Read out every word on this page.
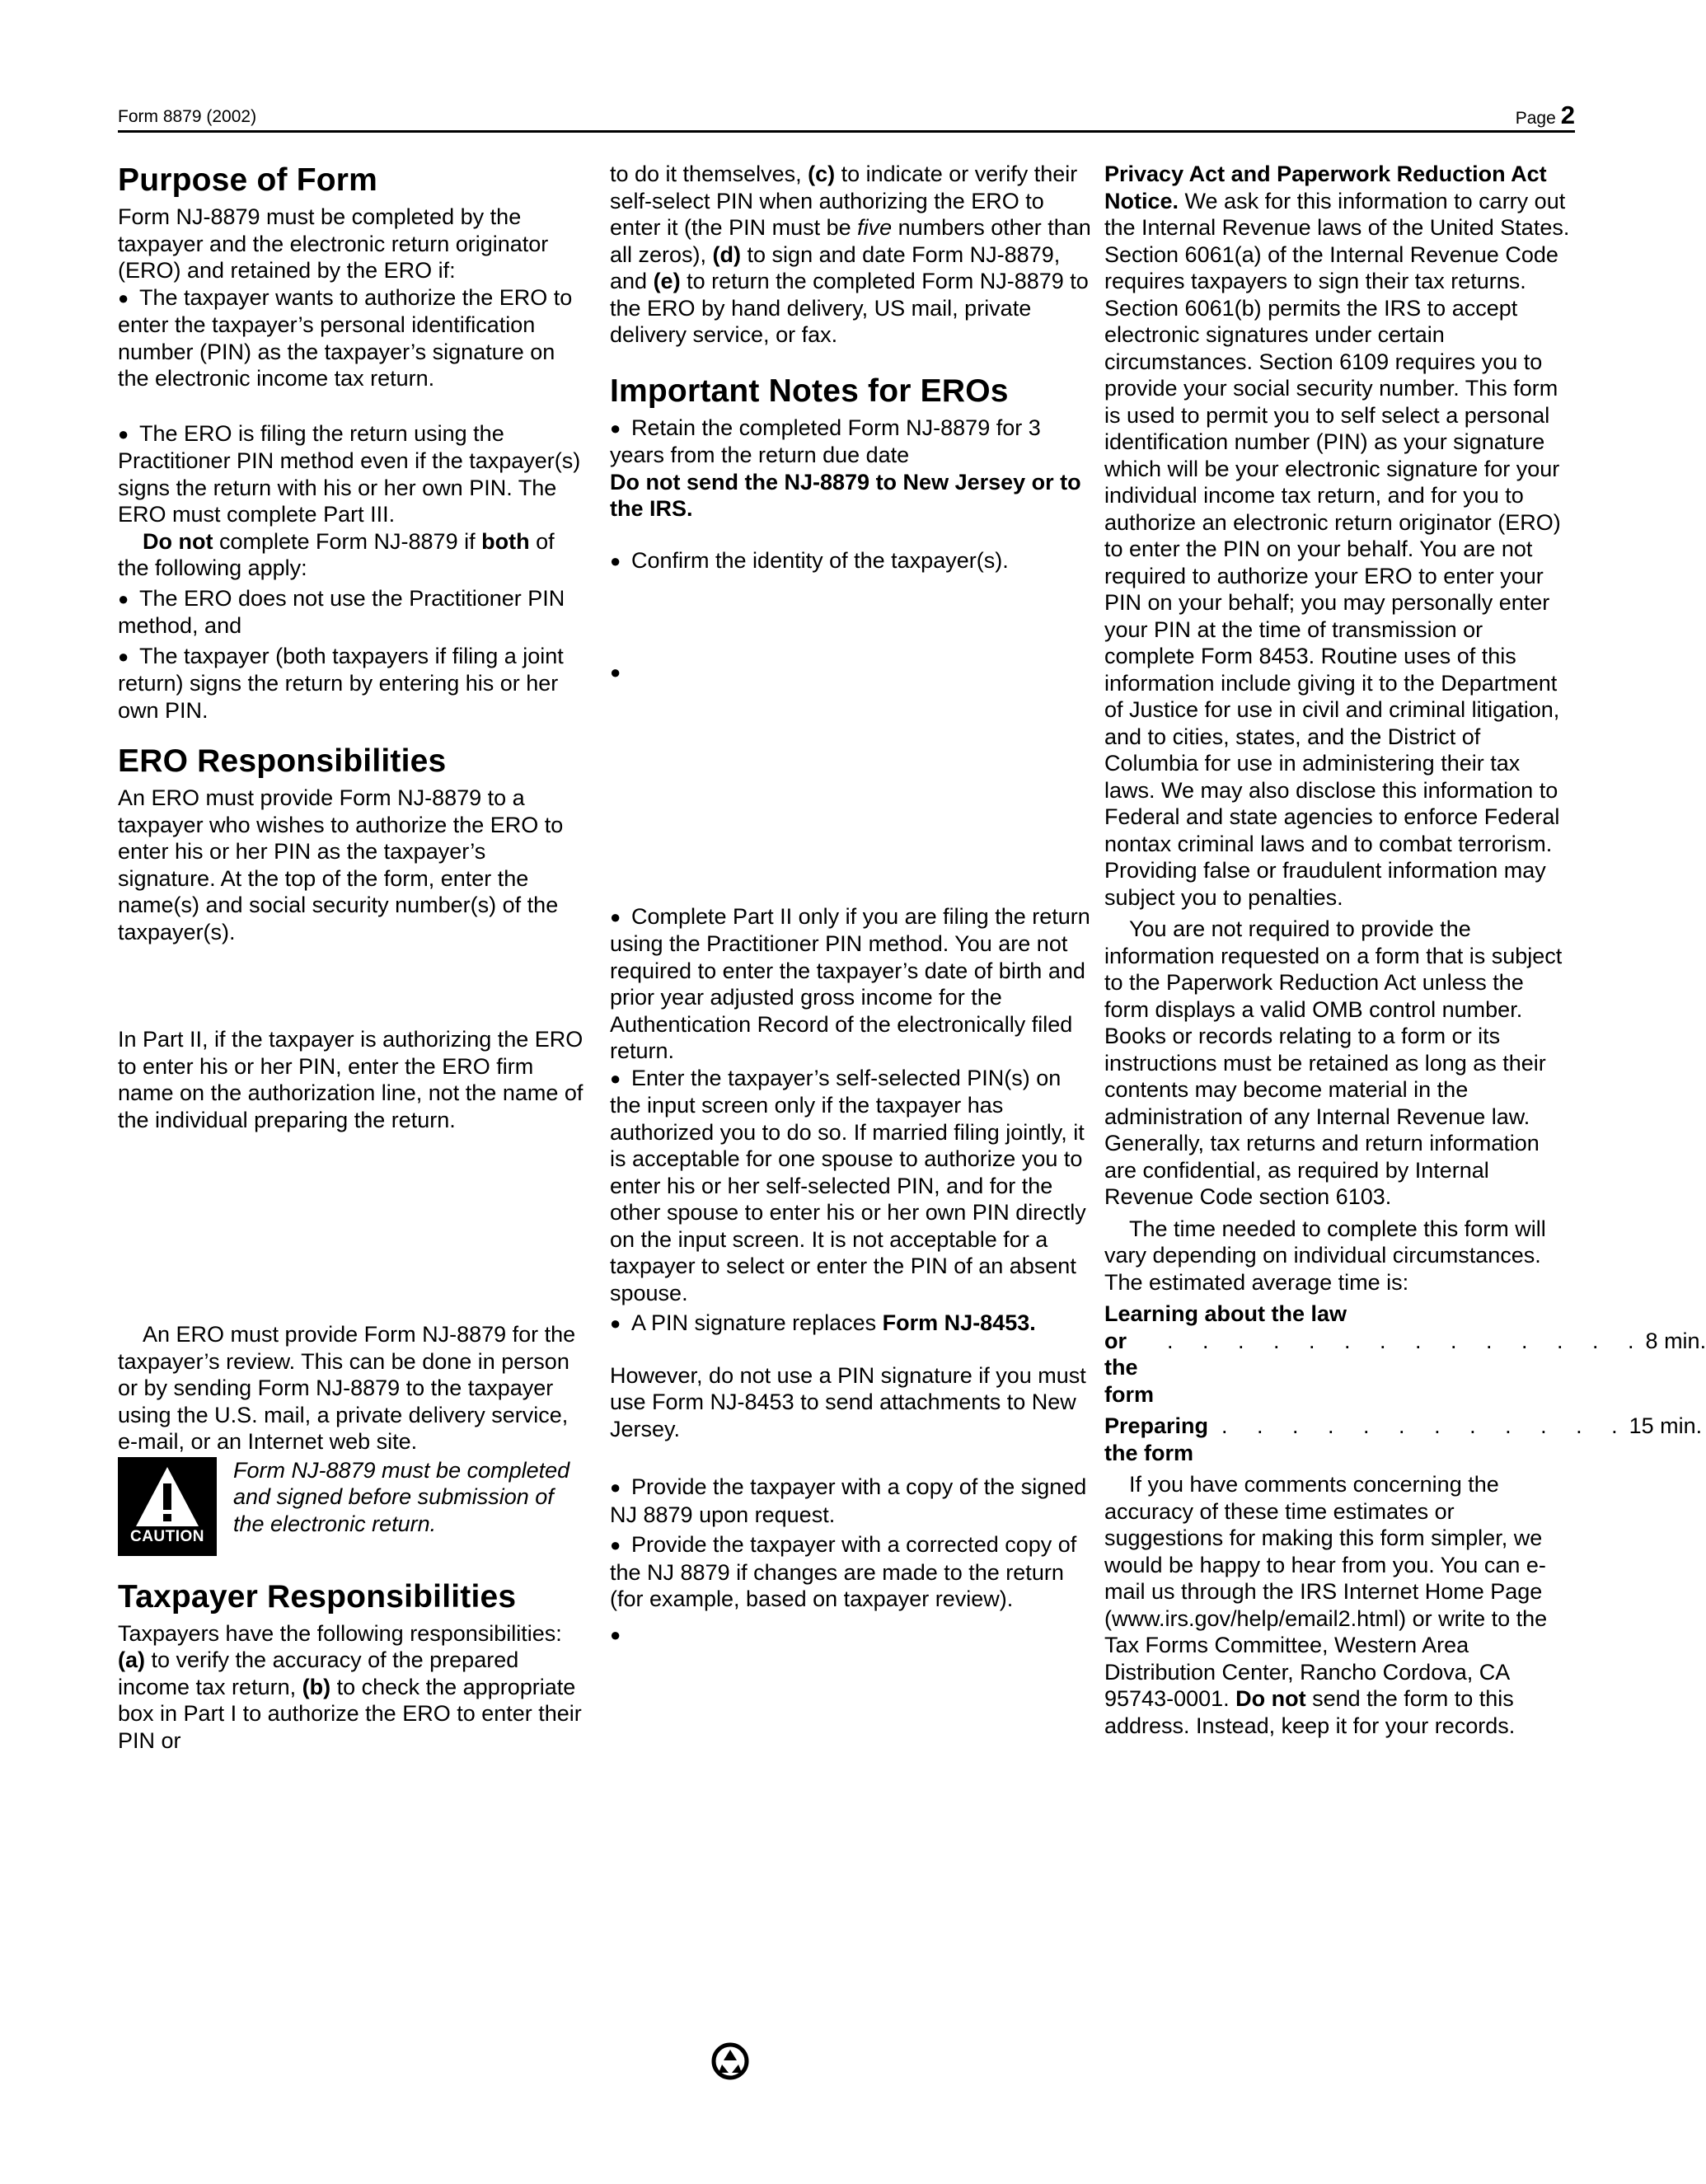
Form 8879 (2002)	Page 2
Purpose of Form

Form NJ-8879 must be completed by the taxpayer and the electronic return originator (ERO) and retained by the ERO if:

● The taxpayer wants to authorize the ERO to enter the taxpayer’s personal identification number (PIN) as the taxpayer’s signature on the electronic income tax return.

● The ERO is filing the return using the Practitioner PIN method even if the taxpayer(s) signs the return with his or her own PIN. The ERO must complete Part III.

Do not complete Form NJ-8879 if both of the following apply:

● The ERO does not use the Practitioner PIN method, and

● The taxpayer (both taxpayers if filing a joint return) signs the return by entering his or her own PIN.

ERO Responsibilities

An ERO must provide Form NJ-8879 to a taxpayer who wishes to authorize the ERO to enter his or her PIN as the taxpayer’s signature. At the top of the form, enter the name(s) and social security number(s) of the taxpayer(s).

In Part II, if the taxpayer is authorizing the ERO to enter his or her PIN, enter the ERO firm name on the authorization line, not the name of the individual preparing the return.

An ERO must provide Form NJ-8879 for the taxpayer’s review. This can be done in person or by sending Form NJ-8879 to the taxpayer using the U.S. mail, a private delivery service, e-mail, or an Internet web site.

CAUTION
Form NJ-8879 must be completed and signed before submission of the electronic return.
Taxpayer Responsibilities

Taxpayers have the following responsibilities: (a) to verify the accuracy of the prepared income tax return, (b) to check the appropriate box in Part I to authorize the ERO to enter their PIN or

to do it themselves, (c) to indicate or verify their self-select PIN when authorizing the ERO to enter it (the PIN must be five numbers other than all zeros), (d) to sign and date Form NJ-8879, and (e) to return the completed Form NJ-8879 to the ERO by hand delivery, US mail, private delivery service, or fax.

Important Notes for EROs

● Retain the completed Form NJ-8879 for 3 years from the return due date

Do not send the NJ-8879 to New Jersey or to the IRS.

● Confirm the identity of the taxpayer(s).

●

● Complete Part II only if you are filing the return using the Practitioner PIN method. You are not required to enter the taxpayer’s date of birth and prior year adjusted gross income for the Authentication Record of the electronically filed return.

● Enter the taxpayer’s self-selected PIN(s) on the input screen only if the taxpayer has authorized you to do so. If married filing jointly, it is acceptable for one spouse to authorize you to enter his or her self-selected PIN, and for the other spouse to enter his or her own PIN directly on the input screen. It is not acceptable for a taxpayer to select or enter the PIN of an absent spouse.

● A PIN signature replaces Form NJ-8453.

However, do not use a PIN signature if you must use Form NJ-8453 to send attachments to New Jersey.

● Provide the taxpayer with a copy of the signed NJ 8879 upon request.

● Provide the taxpayer with a corrected copy of the NJ 8879 if changes are made to the return (for example, based on taxpayer review).

●

Privacy Act and Paperwork Reduction Act Notice. We ask for this information to carry out the Internal Revenue laws of the United States. Section 6061(a) of the Internal Revenue Code requires taxpayers to sign their tax returns. Section 6061(b) permits the IRS to accept electronic signatures under certain circumstances. Section 6109 requires you to provide your social security number. This form is used to permit you to self select a personal identification number (PIN) as your signature which will be your electronic signature for your individual income tax return, and for you to authorize an electronic return originator (ERO) to enter the PIN on your behalf. You are not required to authorize your ERO to enter your PIN on your behalf; you may personally enter your PIN at the time of transmission or complete Form 8453. Routine uses of this information include giving it to the Department of Justice for use in civil and criminal litigation, and to cities, states, and the District of Columbia for use in administering their tax laws. We may also disclose this information to Federal and state agencies to enforce Federal nontax criminal laws and to combat terrorism. Providing false or fraudulent information may subject you to penalties.

You are not required to provide the information requested on a form that is subject to the Paperwork Reduction Act unless the form displays a valid OMB control number. Books or records relating to a form or its instructions must be retained as long as their contents may become material in the administration of any Internal Revenue law. Generally, tax returns and return information are confidential, as required by Internal Revenue Code section 6103.

The time needed to complete this form will vary depending on individual circumstances. The estimated average time is:

Learning about the law
or the form
. . . . . . . . . . . . . . 8 min.
Preparing the form
. . . . . . . . . . . . 15 min.

If you have comments concerning the accuracy of these time estimates or suggestions for making this form simpler, we would be happy to hear from you. You can e-mail us through the IRS Internet Home Page (www.irs.gov/help/email2.html) or write to the Tax Forms Committee, Western Area Distribution Center, Rancho Cordova, CA 95743-0001. Do not send the form to this address. Instead, keep it for your records.
